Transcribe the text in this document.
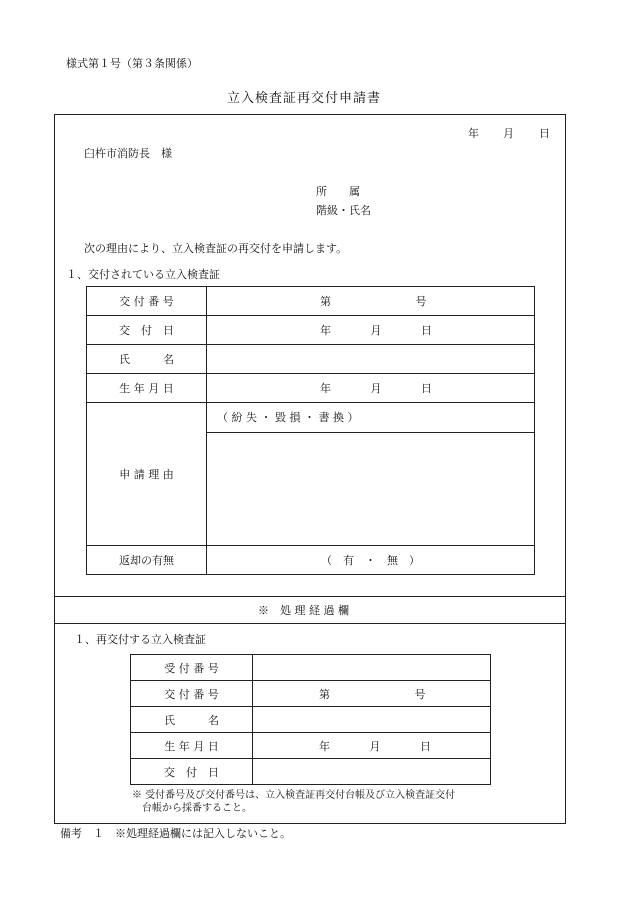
様式第１号（第３条関係）
立入検査証再交付申請書
年 月 日
臼杵市消防長　様
所　　属
階級・氏名
次の理由により、立入検査証の再交付を申請します。
１、交付されている立入検査証
交 付 番 号	第 号
交　付　日	年 月 日
氏　　　名	
生 年 月 日	年 月 日
申 請 理 由	（ 紛 失 ・ 毀 損 ・ 書 換 ）

返却の有無	（　有　・　無　）
※　処 理 経 過 欄
１、再交付する立入検査証
受 付 番 号	
交 付 番 号	第 号
氏　　　名	
生 年 月 日	年 月 日
交　付　日	
※ 受付番号及び交付番号は、立入検査証再交付台帳及び立入検査証交付
台帳から採番すること。
備考　１　※処理経過欄には記入しないこと。
